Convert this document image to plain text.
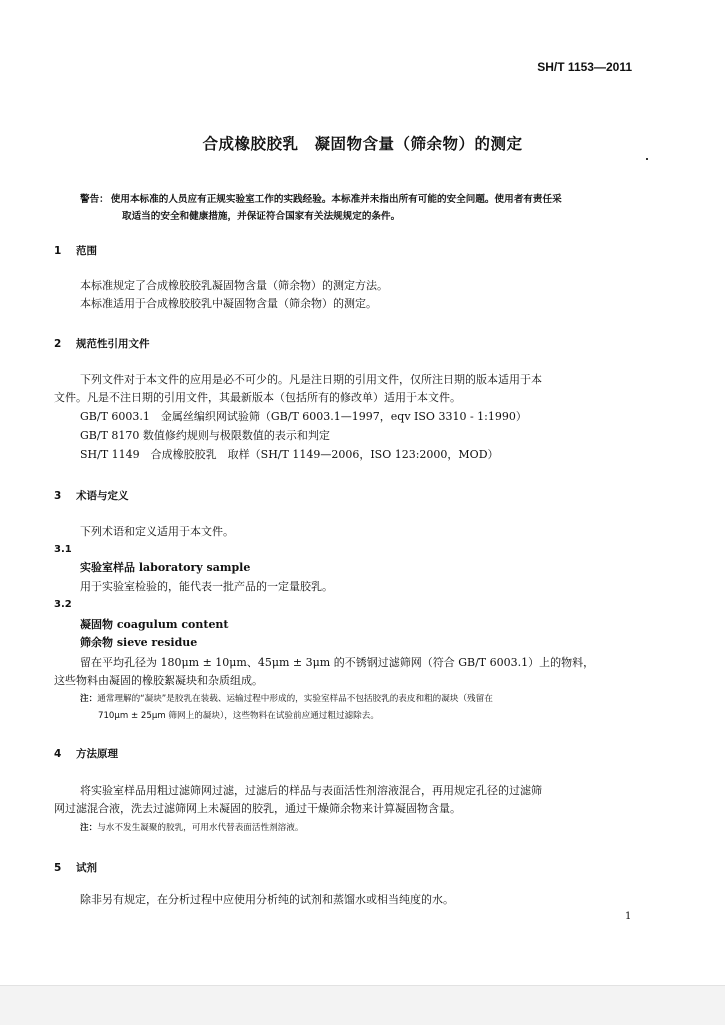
SH/T 1153—2011
合成橡胶胶乳　凝固物含量（筛余物）的测定
警告： 使用本标准的人员应有正规实验室工作的实践经验。本标准并未指出所有可能的安全问题。使用者有责任采
取适当的安全和健康措施，并保证符合国家有关法规规定的条件。
1 范围
本标准规定了合成橡胶胶乳凝固物含量（筛余物）的测定方法。
本标准适用于合成橡胶胶乳中凝固物含量（筛余物）的测定。
2 规范性引用文件
下列文件对于本文件的应用是必不可少的。凡是注日期的引用文件，仅所注日期的版本适用于本
文件。凡是不注日期的引用文件，其最新版本（包括所有的修改单）适用于本文件。
GB/T 6003.1　金属丝编织网试验筛（GB/T 6003.1—1997，eqv ISO 3310 - 1:1990）
GB/T 8170 数值修约规则与极限数值的表示和判定
SH/T 1149　合成橡胶胶乳　取样（SH/T 1149—2006，ISO 123:2000，MOD）
3 术语与定义
下列术语和定义适用于本文件。
3.1
实验室样品 laboratory sample
用于实验室检验的，能代表一批产品的一定量胶乳。
3.2
凝固物 coagulum content
筛余物 sieve residue
留在平均孔径为 180μm ± 10μm、45μm ± 3μm 的不锈钢过滤筛网（符合 GB/T 6003.1）上的物料，
这些物料由凝固的橡胶絮凝块和杂质组成。
注：通常理解的“凝块”是胶乳在装载、运输过程中形成的，实验室样品不包括胶乳的表皮和粗的凝块（残留在
710μm ± 25μm 筛网上的凝块），这些物料在试验前应通过粗过滤除去。
4 方法原理
将实验室样品用粗过滤筛网过滤，过滤后的样品与表面活性剂溶液混合，再用规定孔径的过滤筛
网过滤混合液，洗去过滤筛网上未凝固的胶乳，通过干燥筛余物来计算凝固物含量。
注：与水不发生凝聚的胶乳，可用水代替表面活性剂溶液。
5 试剂
除非另有规定，在分析过程中应使用分析纯的试剂和蒸馏水或相当纯度的水。
1
